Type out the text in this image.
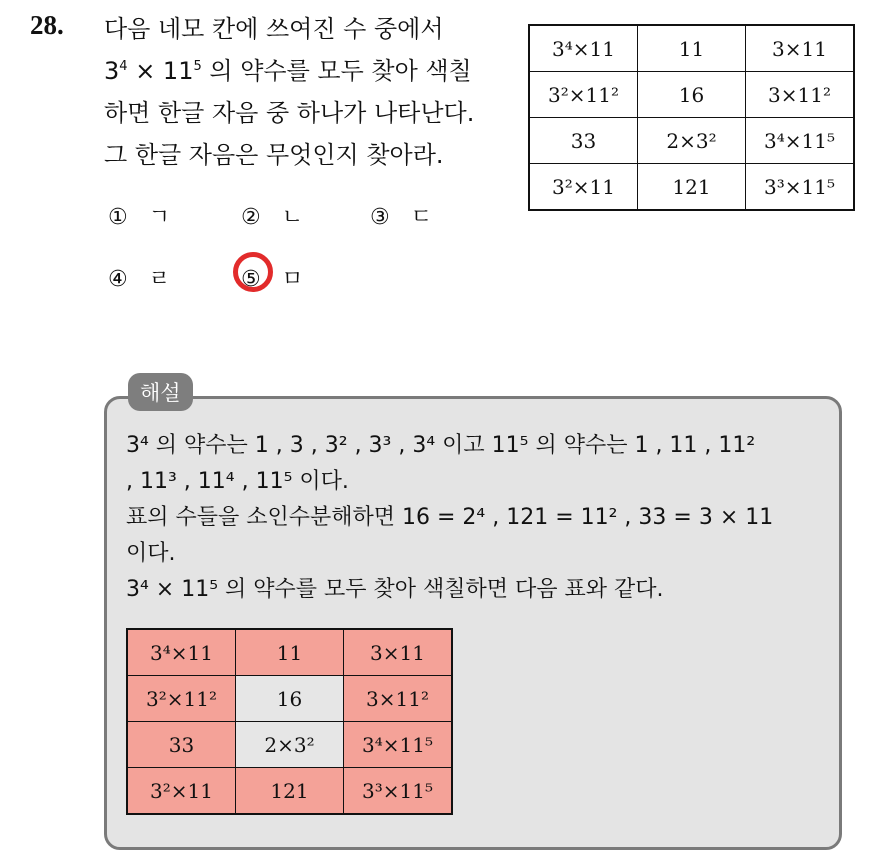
28. 다음 네모 칸에 쓰여진 수 중에서
$3^4 \times 11^5$ 의 약수를 모두 찾아 색칠
하면 한글 자음 중 하나가 나타난다.
그 한글 자음은 무엇인지 찾아라.
3⁴×11	11	3×11
3²×11²	16	3×11²
33	2×3²	3⁴×11⁵
3²×11	121	3³×11⁵
① ㄱ	② ㄴ	③ ㄷ
④ ㄹ	⑤ ㅁ
해설
3⁴ 의 약수는 1 , 3 , 3² , 3³ , 3⁴ 이고 11⁵ 의 약수는 1 , 11 , 11²
, 11³ , 11⁴ , 11⁵ 이다.
표의 수들을 소인수분해하면 16 = 2⁴ , 121 = 11² , 33 = 3 × 11
이다.
3⁴ × 11⁵ 의 약수를 모두 찾아 색칠하면 다음 표와 같다.
3⁴×11	11	3×11
3²×11²	16	3×11²
33	2×3²	3⁴×11⁵
3²×11	121	3³×11⁵
